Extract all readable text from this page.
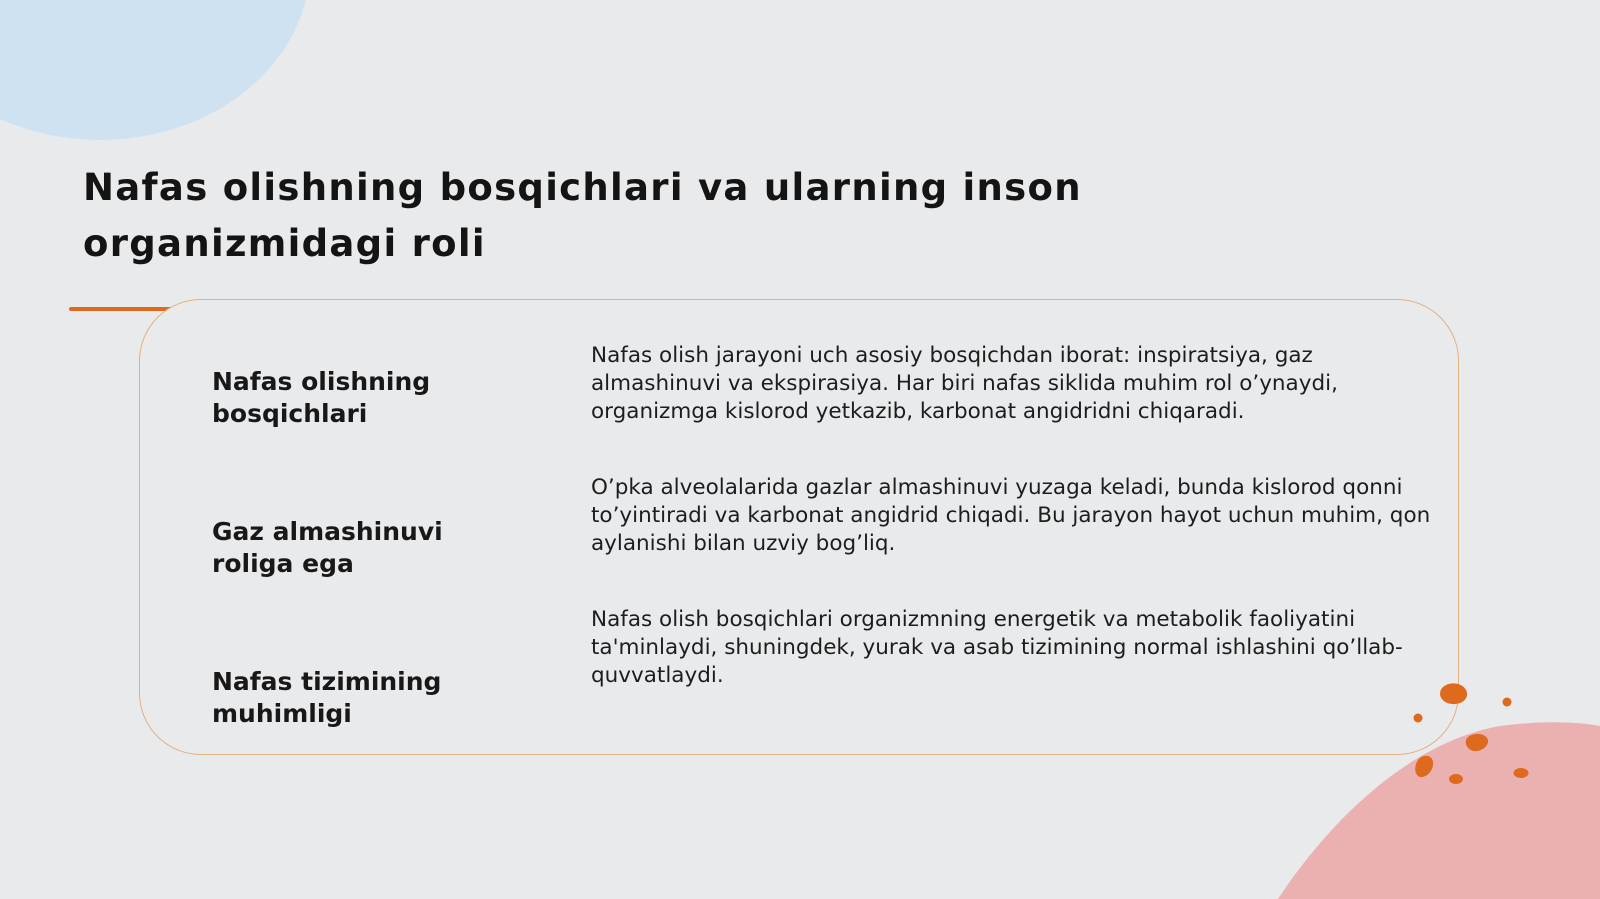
Nafas olishning bosqichlari va ularning inson organizmidagi roli

Nafas olishning bosqichlari

Nafas olish jarayoni uch asosiy bosqichdan iborat: inspiratsiya, gaz almashinuvi va ekspirasiya. Har biri nafas siklida muhim rol o’ynaydi, organizmga kislorod yetkazib, karbonat angidridni chiqaradi.

Gaz almashinuvi roliga ega

O’pka alveolalarida gazlar almashinuvi yuzaga keladi, bunda kislorod qonni to’yintiradi va karbonat angidrid chiqadi. Bu jarayon hayot uchun muhim, qon aylanishi bilan uzviy bog’liq.

Nafas tizimining muhimligi

Nafas olish bosqichlari organizmning energetik va metabolik faoliyatini ta'minlaydi, shuningdek, yurak va asab tizimining normal ishlashini qo’llab-quvvatlaydi.
